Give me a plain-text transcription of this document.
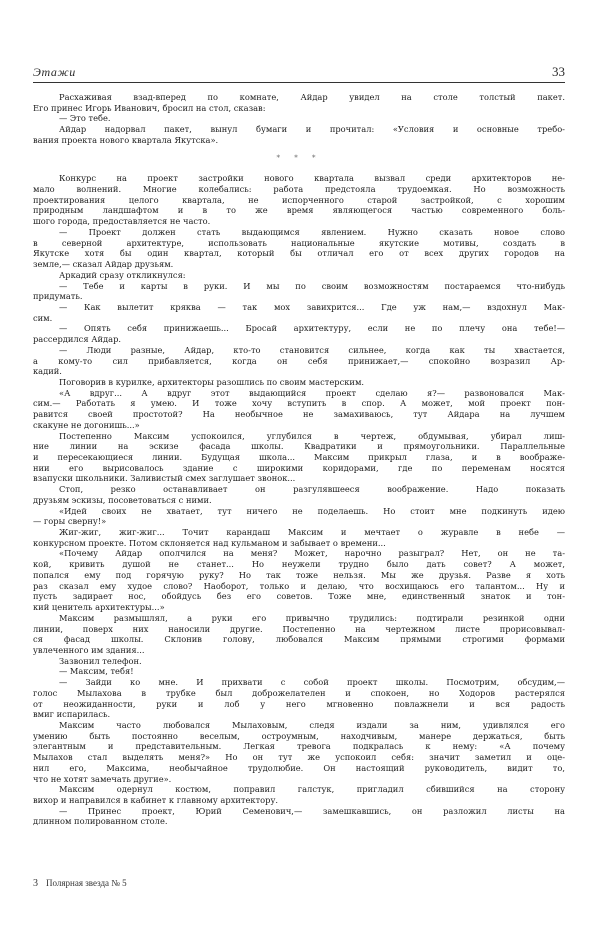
Этажи	33

Расхаживая взад-вперед по комнате, Айдар увидел на столе толстый пакет.
Его принес Игорь Иванович, бросил на стол, сказав:

— Это тебе.

Айдар надорвал пакет, вынул бумаги и прочитал: «Условия и основные требо-
вания проекта нового квартала Якутска».

* * *

Конкурс на проект застройки нового квартала вызвал среди архитекторов не-
мало волнений. Многие колебались: работа предстояла трудоемкая. Но возможность
проектирования целого квартала, не испорченного старой застройкой, с хорошим
природным ландшафтом и в то же время являющегося частью современного боль-
шого города, предоставляется не часто.

— Проект должен стать выдающимся явлением. Нужно сказать новое слово
в северной архитектуре, использовать национальные якутские мотивы, создать в
Якутске хотя бы один квартал, который бы отличал его от всех других городов на
земле,— сказал Айдар друзьям.

Аркадий сразу откликнулся:

— Тебе и карты в руки. И мы по своим возможностям постараемся что-нибудь
придумать.

— Как вылетит кряква — так мох завихрится... Где уж нам,— вздохнул Мак-
сим.

— Опять себя принижаешь... Бросай архитектуру, если не по плечу она тебе!—
рассердился Айдар.

— Люди разные, Айдар, кто-то становится сильнее, когда как ты хвастается,
а кому-то сил прибавляется, когда он себя принижает,— спокойно возразил Ар-
кадий.

Поговорив в курилке, архитекторы разошлись по своим мастерским.

«А вдруг... А вдруг этот выдающийся проект сделаю я?— развоновался Мак-
сим.— Работать я умею. И тоже хочу вступить в спор. А может, мой проект пон-
равится своей простотой? На необычное не замахиваюсь, тут Айдара на лучшем
скакуне не догонишь...»

Постепенно Максим успокоился, углубился в чертеж, обдумывая, убирал лиш-
ние линии на эскизе фасада школы. Квадратики и прямоугольники. Параллельные
и пересекающиеся линии. Будущая школа... Максим прикрыл глаза, и в воображе-
нии его вырисовалось здание с широкими коридорами, где по переменам носятся
взапуски школьники. Заливистый смех заглушает звонок...

Стоп, резко останавливает он разгулявшееся воображение. Надо показать
друзьям эскизы, посоветоваться с ними.

«Идей своих не хватает, тут ничего не поделаешь. Но стоит мне подкинуть идею
— горы сверну!»

Жиг-жиг, жиг-жиг... Точит карандаш Максим и мечтает о журавле в небе —
конкурсном проекте. Потом склоняется над кульманом и забывает о времени...

«Почему Айдар ополчился на меня? Может, нарочно разыграл? Нет, он не та-
кой, кривить душой не станет... Но неужели трудно было дать совет? А может,
попался ему под горячую руку? Но так тоже нельзя. Мы же друзья. Разве я хоть
раз сказал ему худое слово? Наоборот, только и делаю, что восхищаюсь его талантом... Ну и
пусть задирает нос, обойдусь без его советов. Тоже мне, единственный знаток и тон-
кий ценитель архитектуры...»

Максим размышлял, а руки его привычно трудились: подтирали резинкой одни
линии, поверх них наносили другие. Постепенно на чертежном листе прорисовывал-
ся фасад школы. Склонив голову, любовался Максим прямыми строгими формами
увлеченного им здания...

Зазвонил телефон.

— Максим, тебя!

— Зайди ко мне. И прихвати с собой проект школы. Посмотрим, обсудим,—
голос Мылахова в трубке был доброжелателен и спокоен, но Ходоров растерялся
от неожиданности, руки и лоб у него мгновенно повлажнели и вся радость
вмиг испарилась.

Максим часто любовался Мылаховым, следя издали за ним, удивлялся его
умению быть постоянно веселым, остроумным, находчивым, манере держаться, быть
элегантным и представительным. Легкая тревога подкралась к нему: «А почему
Мылахов стал выделять меня?» Но он тут же успокоил себя: значит заметил и оце-
нил его, Максима, необычайное трудолюбие. Он настоящий руководитель, видит то,
что не хотят замечать другие».

Максим одернул костюм, поправил галстук, пригладил сбившийся на сторону
вихор и направился в кабинет к главному архитектору.

— Принес проект, Юрий Семенович,— замешкавшись, он разложил листы на
длинном полированном столе.

3 Полярная звезда № 5
